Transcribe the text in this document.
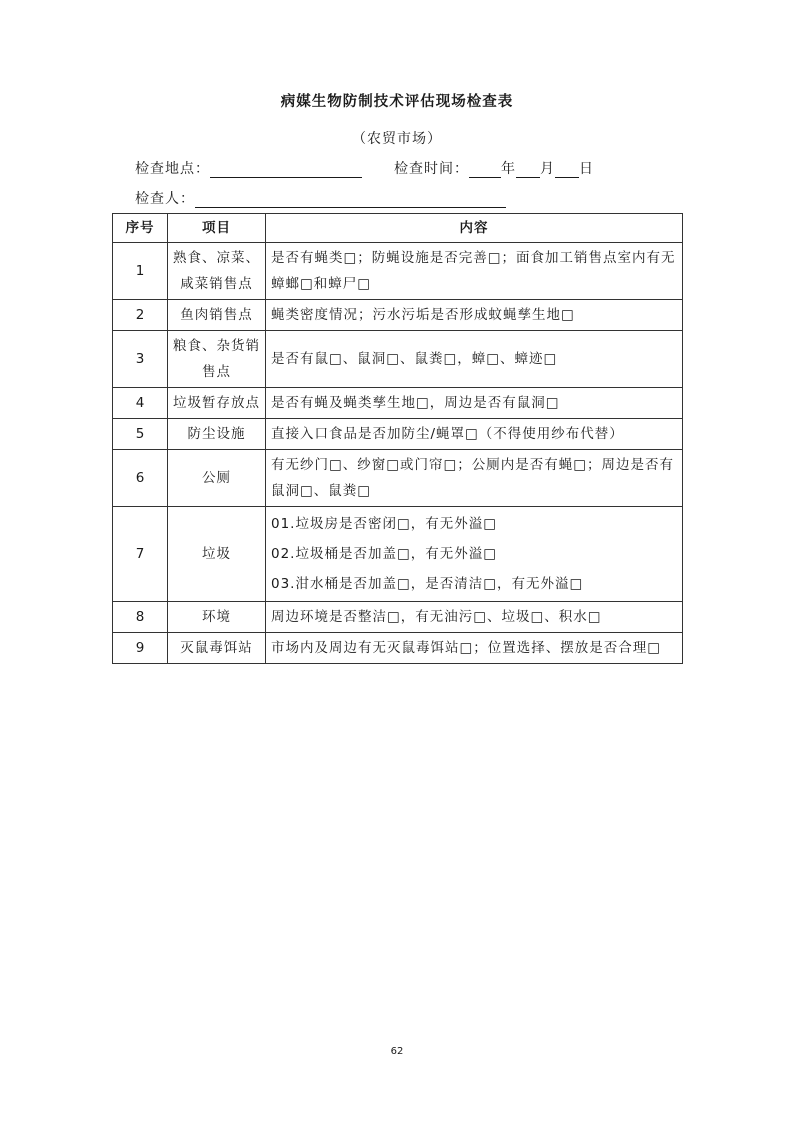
病媒生物防制技术评估现场检查表
（农贸市场）
检查地点：	检查时间： 年 月 日
检查人：
序号	项目	内容
1	熟食、凉菜、咸菜销售点	是否有蝇类□；防蝇设施是否完善□；面食加工销售点室内有无蟑螂□和蟑尸□
2	鱼肉销售点	蝇类密度情况；污水污垢是否形成蚊蝇孳生地□
3	粮食、杂货销售点	是否有鼠□、鼠洞□、鼠粪□，蟑□、蟑迹□
4	垃圾暂存放点	是否有蝇及蝇类孳生地□，周边是否有鼠洞□
5	防尘设施	直接入口食品是否加防尘/蝇罩□（不得使用纱布代替）
6	公厕	有无纱门□、纱窗□或门帘□；公厕内是否有蝇□；周边是否有鼠洞□、鼠粪□
7	垃圾	01.垃圾房是否密闭□，有无外溢□
02.垃圾桶是否加盖□，有无外溢□
03.泔水桶是否加盖□，是否清洁□，有无外溢□

8	环境	周边环境是否整洁□，有无油污□、垃圾□、积水□
9	灭鼠毒饵站	市场内及周边有无灭鼠毒饵站□；位置选择、摆放是否合理□
62
